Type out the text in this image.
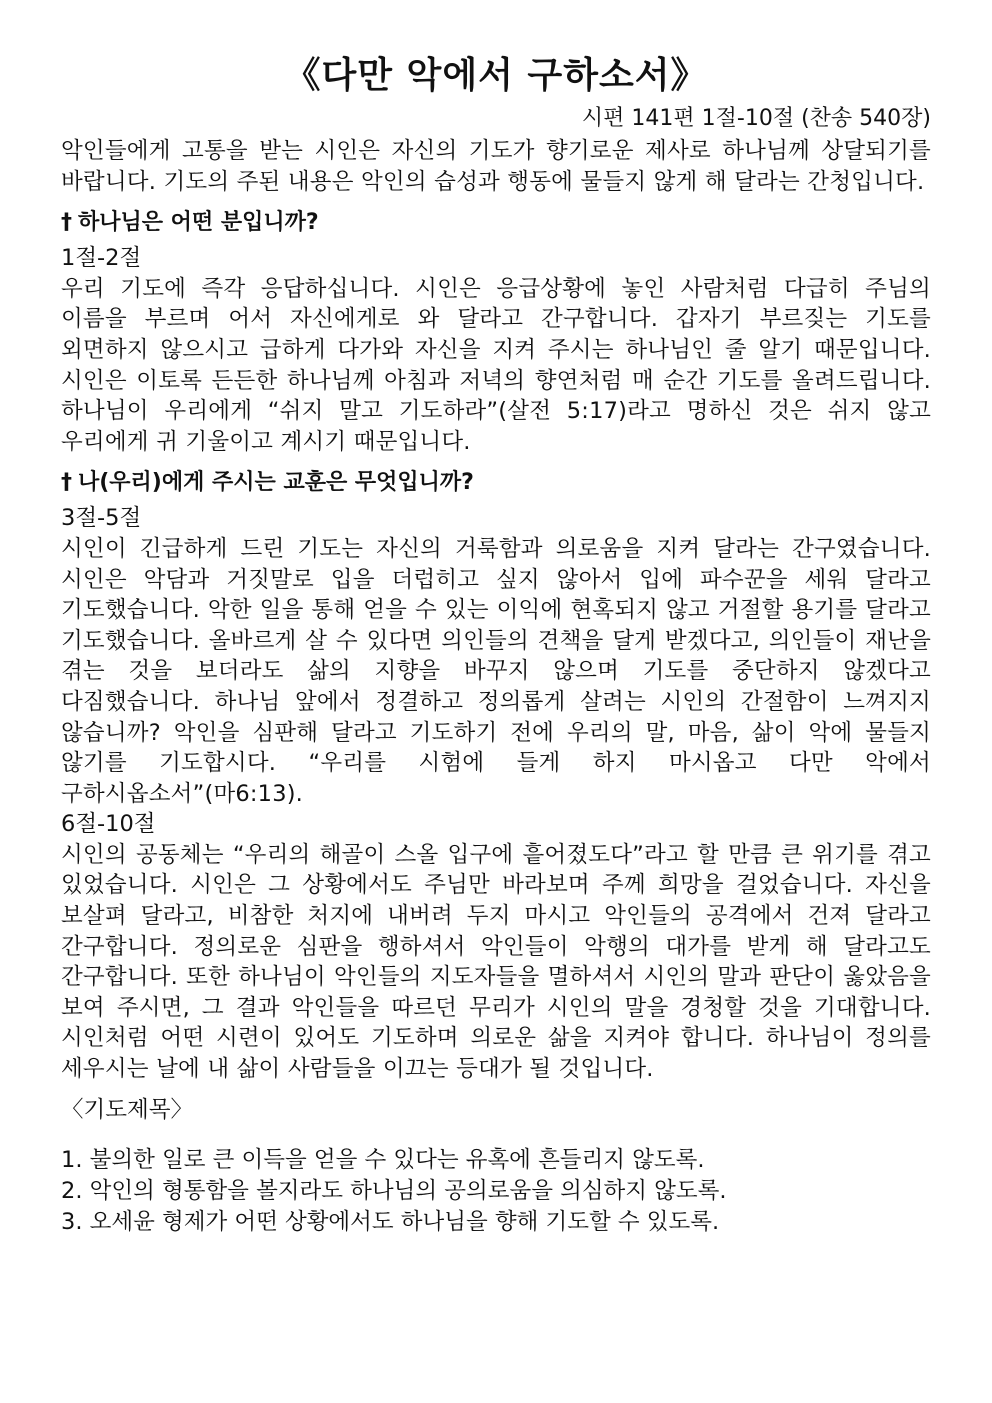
《다만 악에서 구하소서》
시편 141편 1절-10절 (찬송 540장)

악인들에게 고통을 받는 시인은 자신의 기도가 향기로운 제사로 하나님께 상달되기를 바랍니다. 기도의 주된 내용은 악인의 습성과 행동에 물들지 않게 해 달라는 간청입니다.

† 하나님은 어떤 분입니까?
1절-2절

우리 기도에 즉각 응답하십니다. 시인은 응급상황에 놓인 사람처럼 다급히 주님의 이름을 부르며 어서 자신에게로 와 달라고 간구합니다. 갑자기 부르짖는 기도를 외면하지 않으시고 급하게 다가와 자신을 지켜 주시는 하나님인 줄 알기 때문입니다. 시인은 이토록 든든한 하나님께 아침과 저녁의 향연처럼 매 순간 기도를 올려드립니다. 하나님이 우리에게 “쉬지 말고 기도하라”(살전 5:17)라고 명하신 것은 쉬지 않고 우리에게 귀 기울이고 계시기 때문입니다.

† 나(우리)에게 주시는 교훈은 무엇입니까?
3절-5절

시인이 긴급하게 드린 기도는 자신의 거룩함과 의로움을 지켜 달라는 간구였습니다. 시인은 악담과 거짓말로 입을 더럽히고 싶지 않아서 입에 파수꾼을 세워 달라고 기도했습니다. 악한 일을 통해 얻을 수 있는 이익에 현혹되지 않고 거절할 용기를 달라고 기도했습니다. 올바르게 살 수 있다면 의인들의 견책을 달게 받겠다고, 의인들이 재난을 겪는 것을 보더라도 삶의 지향을 바꾸지 않으며 기도를 중단하지 않겠다고 다짐했습니다. 하나님 앞에서 정결하고 정의롭게 살려는 시인의 간절함이 느껴지지 않습니까? 악인을 심판해 달라고 기도하기 전에 우리의 말, 마음, 삶이 악에 물들지 않기를 기도합시다. “우리를 시험에 들게 하지 마시옵고 다만 악에서 구하시옵소서”(마6:13).

6절-10절

시인의 공동체는 “우리의 해골이 스올 입구에 흩어졌도다”라고 할 만큼 큰 위기를 겪고 있었습니다. 시인은 그 상황에서도 주님만 바라보며 주께 희망을 걸었습니다. 자신을 보살펴 달라고, 비참한 처지에 내버려 두지 마시고 악인들의 공격에서 건져 달라고 간구합니다. 정의로운 심판을 행하셔서 악인들이 악행의 대가를 받게 해 달라고도 간구합니다. 또한 하나님이 악인들의 지도자들을 멸하셔서 시인의 말과 판단이 옳았음을 보여 주시면, 그 결과 악인들을 따르던 무리가 시인의 말을 경청할 것을 기대합니다. 시인처럼 어떤 시련이 있어도 기도하며 의로운 삶을 지켜야 합니다. 하나님이 정의를 세우시는 날에 내 삶이 사람들을 이끄는 등대가 될 것입니다.

〈기도제목〉
1. 불의한 일로 큰 이득을 얻을 수 있다는 유혹에 흔들리지 않도록.
2. 악인의 형통함을 볼지라도 하나님의 공의로움을 의심하지 않도록.
3. 오세윤 형제가 어떤 상황에서도 하나님을 향해 기도할 수 있도록.
